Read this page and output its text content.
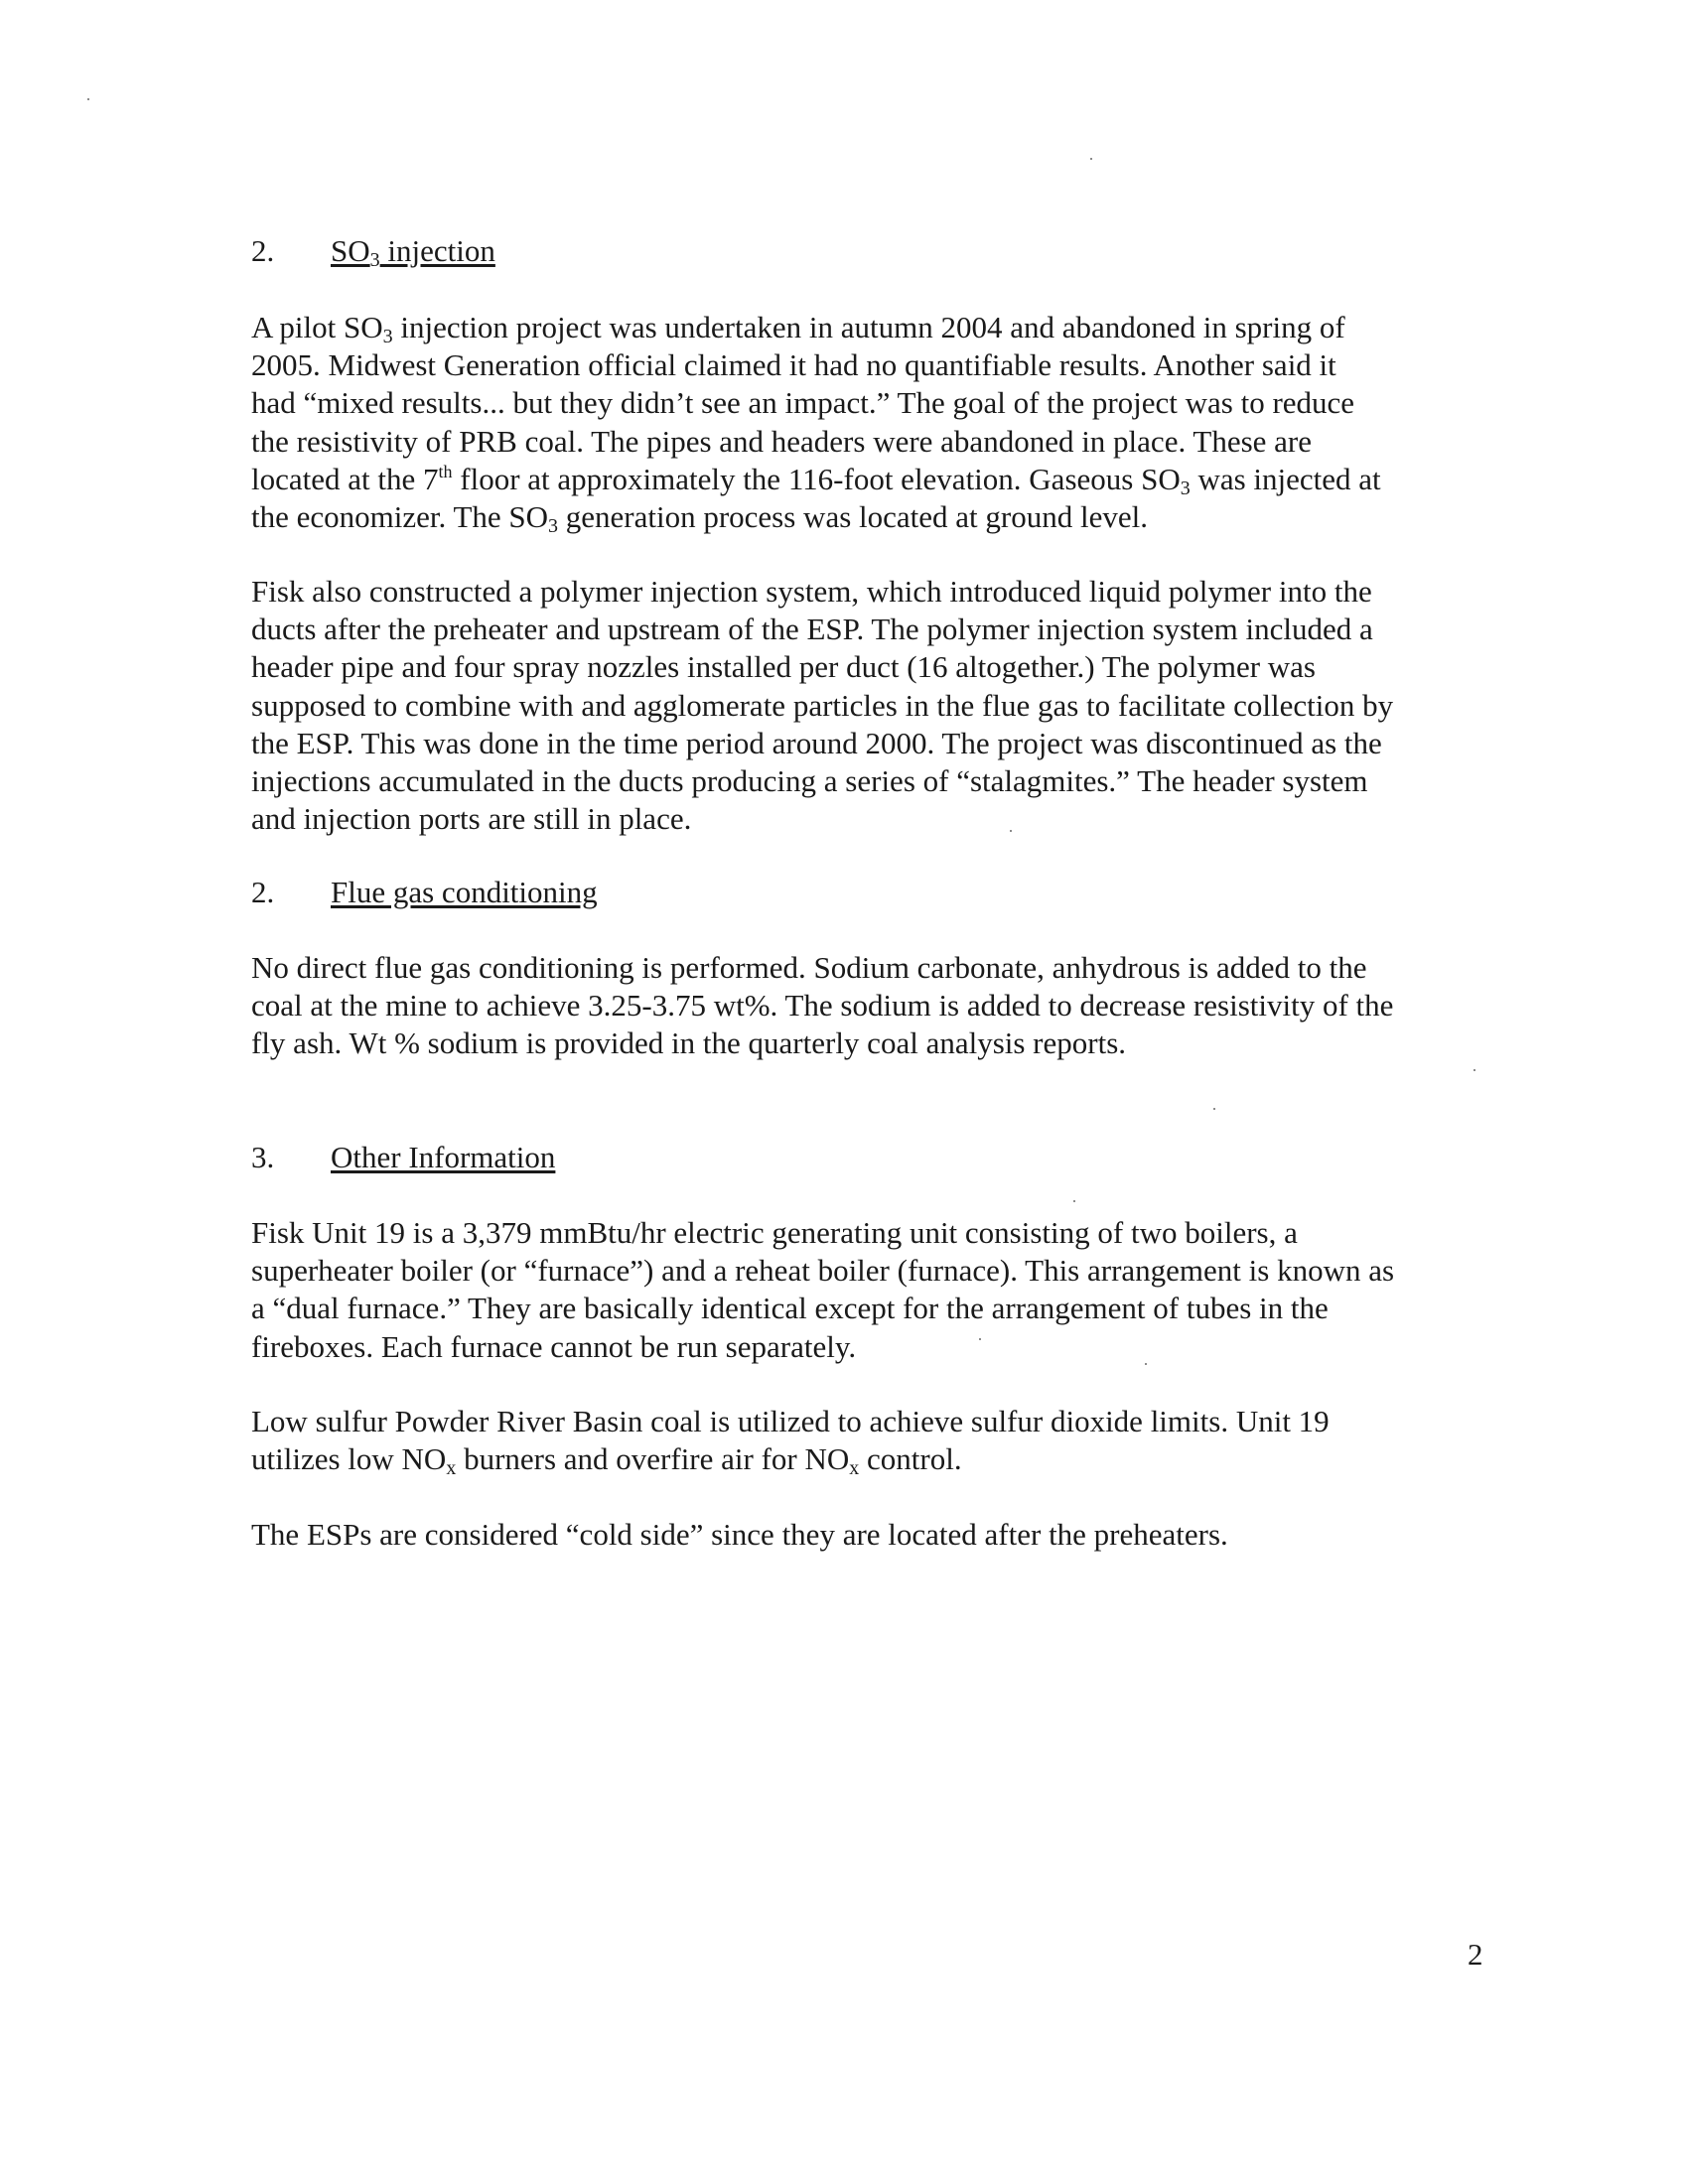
2. $SO_3$ injection

A pilot $SO_3$ injection project was undertaken in autumn 2004 and abandoned in spring of
2005. Midwest Generation official claimed it had no quantifiable results. Another said it
had “mixed results... but they didn’t see an impact.” The goal of the project was to reduce
the resistivity of PRB coal. The pipes and headers were abandoned in place. These are
located at the 7th floor at approximately the 116-foot elevation. Gaseous $SO_3$ was injected at
the economizer. The $SO_3$ generation process was located at ground level.

Fisk also constructed a polymer injection system, which introduced liquid polymer into the
ducts after the preheater and upstream of the ESP. The polymer injection system included a
header pipe and four spray nozzles installed per duct (16 altogether.) The polymer was
supposed to combine with and agglomerate particles in the flue gas to facilitate collection by
the ESP. This was done in the time period around 2000. The project was discontinued as the
injections accumulated in the ducts producing a series of “stalagmites.” The header system
and injection ports are still in place.

2. Flue gas conditioning

No direct flue gas conditioning is performed. Sodium carbonate, anhydrous is added to the
coal at the mine to achieve 3.25-3.75 wt%. The sodium is added to decrease resistivity of the
fly ash. Wt % sodium is provided in the quarterly coal analysis reports.

3. Other Information

Fisk Unit 19 is a 3,379 mmBtu/hr electric generating unit consisting of two boilers, a
superheater boiler (or “furnace”) and a reheat boiler (furnace). This arrangement is known as
a “dual furnace.” They are basically identical except for the arrangement of tubes in the
fireboxes. Each furnace cannot be run separately.

Low sulfur Powder River Basin coal is utilized to achieve sulfur dioxide limits. Unit 19
utilizes low $NO_x$ burners and overfire air for $NO_x$ control.

The ESPs are considered “cold side” since they are located after the preheaters.

2
